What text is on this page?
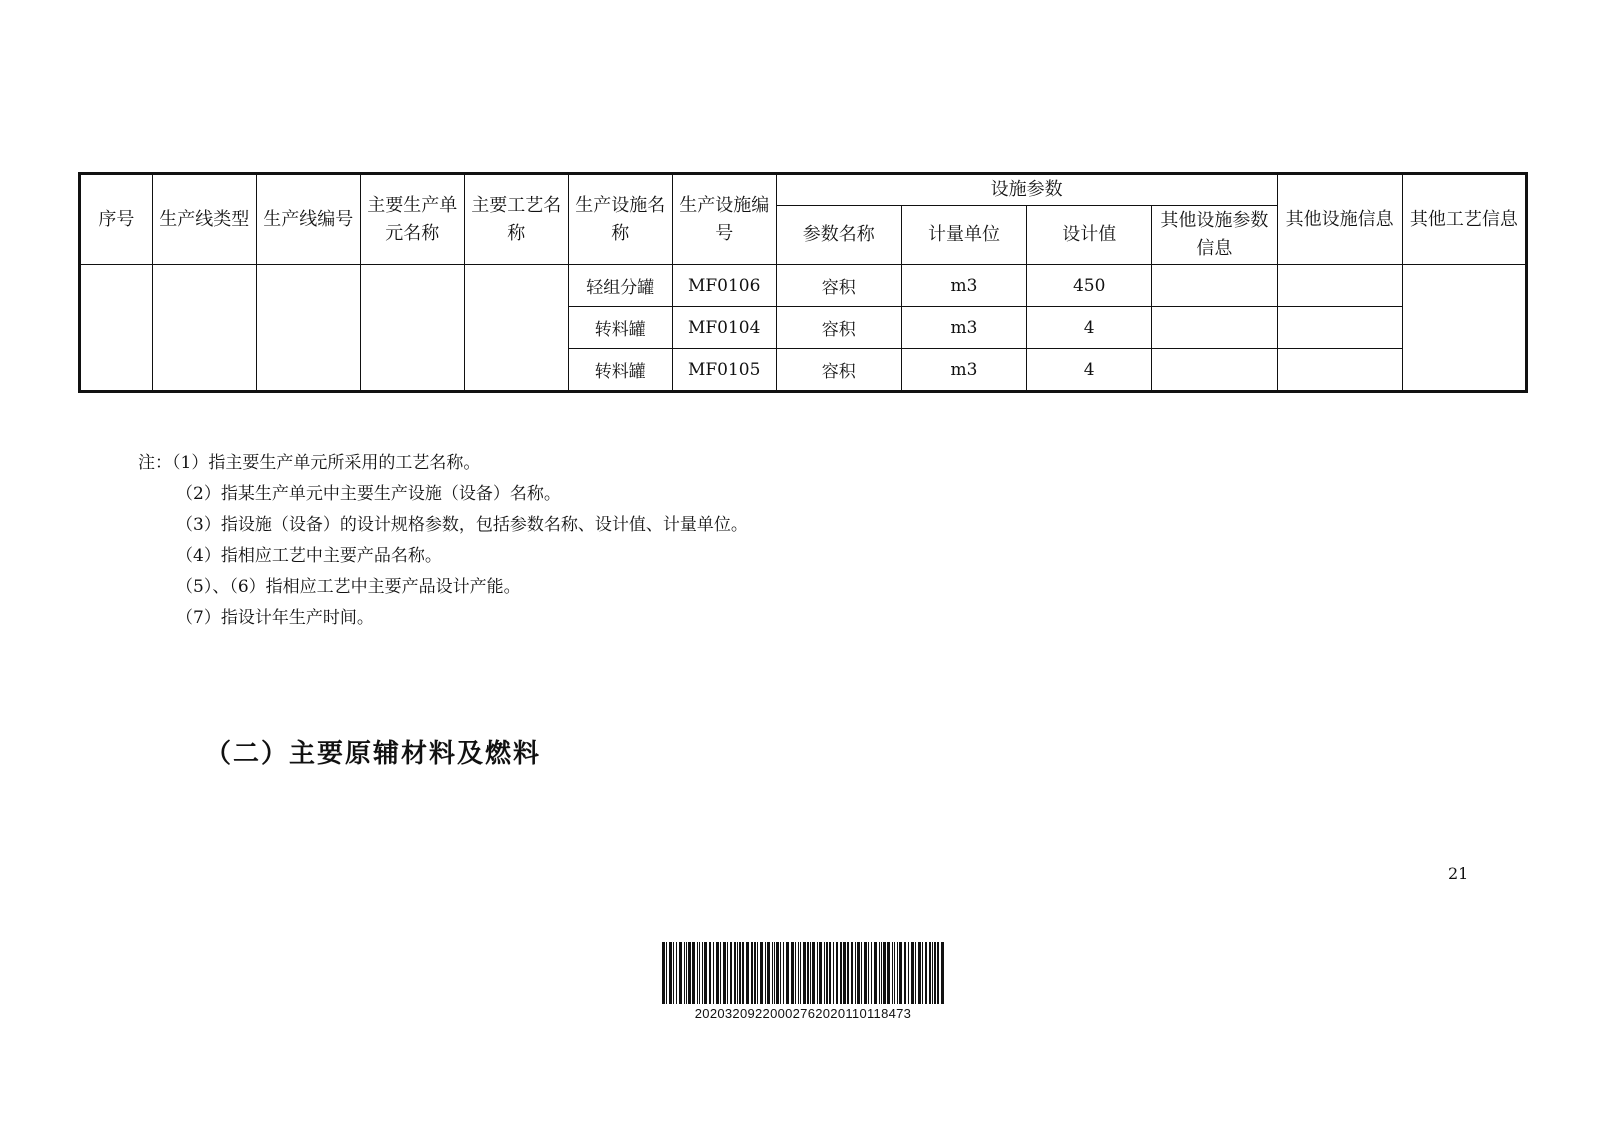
序号	生产线类型	生产线编号	主要生产单元名称	主要工艺名称	生产设施名称	生产设施编号	设施参数				其他设施信息	其他工艺信息
							参数名称	计量单位	设计值	其他设施参数信息		
					轻组分罐	MF0106	容积	m3	450			
					转料罐	MF0104	容积	m3	4			
					转料罐	MF0105	容积	m3	4			
注：（1）指主要生产单元所采用的工艺名称。
（2）指某生产单元中主要生产设施（设备）名称。
（3）指设施（设备）的设计规格参数，包括参数名称、设计值、计量单位。
（4）指相应工艺中主要产品名称。
（5）、（6）指相应工艺中主要产品设计产能。
（7）指设计年生产时间。
（二）主要原辅材料及燃料
21
20203209220002762020110118473
